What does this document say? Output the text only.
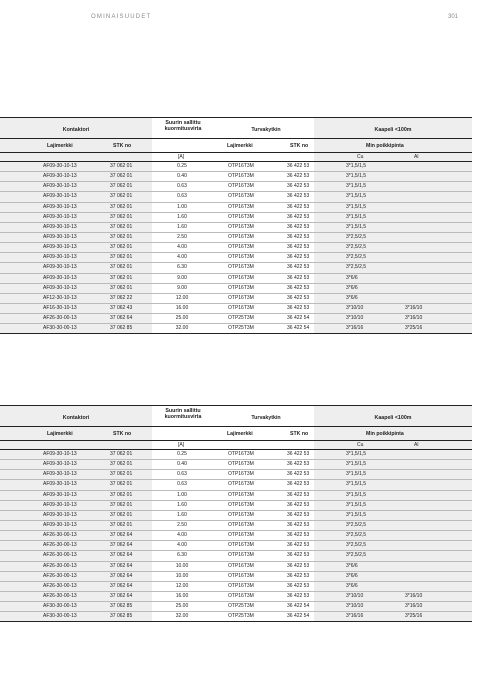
OMINAISUUDET	301
Kontaktori
Suurin sallittu
kuormitusvirta	Turvakytkin	Kaapeli <100m
Lajimerkki	STK no	Lajimerkki	STK no	Min poikkipinta
[A]	Cu	Al
AF09-30-10-13	37 062 01	0.25	OTP16T3M	36 422 53	3*1,5/1,5
AF09-30-10-13	37 062 01	0.40	OTP16T3M	36 422 53	3*1,5/1,5
AF09-30-10-13	37 062 01	0.63	OTP16T3M	36 422 53	3*1,5/1,5
AF09-30-10-13	37 062 01	0.63	OTP16T3M	36 422 53	3*1,5/1,5
AF09-30-10-13	37 062 01	1.00	OTP16T3M	36 422 53	3*1,5/1,5
AF09-30-10-13	37 062 01	1.60	OTP16T3M	36 422 53	3*1,5/1,5
AF09-30-10-13	37 062 01	1.60	OTP16T3M	36 422 53	3*1,5/1,5
AF09-30-10-13	37 062 01	2.50	OTP16T3M	36 422 53	3*2,5/2,5
AF09-30-10-13	37 062 01	4.00	OTP16T3M	36 422 53	3*2,5/2,5
AF09-30-10-13	37 062 01	4.00	OTP16T3M	36 422 53	3*2,5/2,5
AF09-30-10-13	37 062 01	6.30	OTP16T3M	36 422 53	3*2,5/2,5
AF09-30-10-13	37 062 01	9.00	OTP16T3M	36 422 53	3*6/6
AF09-30-10-13	37 062 01	9.00	OTP16T3M	36 422 53	3*6/6
AF12-30-10-13	37 062 22	12.00	OTP16T3M	36 422 53	3*6/6
AF16-30-10-13	37 062 43	16.00	OTP16T3M	36 422 53	3*10/10	3*16/10
AF26-30-00-13	37 062 64	25.00	OTP25T3M	36 422 54	3*10/10	3*16/10
AF30-30-00-13	37 062 85	32.00	OTP25T3M	36 422 54	3*16/16	3*25/16
Kontaktori
Suurin sallittu
kuormitusvirta	Turvakytkin	Kaapeli <100m
Lajimerkki	STK no	Lajimerkki	STK no	Min poikkipinta
[A]	Cu	Al
AF09-30-10-13	37 062 01	0.25	OTP16T3M	36 422 53	3*1,5/1,5
AF09-30-10-13	37 062 01	0.40	OTP16T3M	36 422 53	3*1,5/1,5
AF09-30-10-13	37 062 01	0.63	OTP16T3M	36 422 53	3*1,5/1,5
AF09-30-10-13	37 062 01	0.63	OTP16T3M	36 422 53	3*1,5/1,5
AF09-30-10-13	37 062 01	1.00	OTP16T3M	36 422 53	3*1,5/1,5
AF09-30-10-13	37 062 01	1.60	OTP16T3M	36 422 53	3*1,5/1,5
AF09-30-10-13	37 062 01	1.60	OTP16T3M	36 422 53	3*1,5/1,5
AF09-30-10-13	37 062 01	2.50	OTP16T3M	36 422 53	3*2,5/2,5
AF26-30-00-13	37 062 64	4.00	OTP16T3M	36 422 53	3*2,5/2,5
AF26-30-00-13	37 062 64	4.00	OTP16T3M	36 422 53	3*2,5/2,5
AF26-30-00-13	37 062 64	6.30	OTP16T3M	36 422 53	3*2,5/2,5
AF26-30-00-13	37 062 64	10.00	OTP16T3M	36 422 53	3*6/6
AF26-30-00-13	37 062 64	10.00	OTP16T3M	36 422 53	3*6/6
AF26-30-00-13	37 062 64	12.00	OTP16T3M	36 422 53	3*6/6
AF26-30-00-13	37 062 64	16.00	OTP16T3M	36 422 53	3*10/10	3*16/10
AF30-30-00-13	37 062 85	25.00	OTP25T3M	36 422 54	3*10/10	3*16/10
AF30-30-00-13	37 062 85	32.00	OTP25T3M	36 422 54	3*16/16	3*25/16
